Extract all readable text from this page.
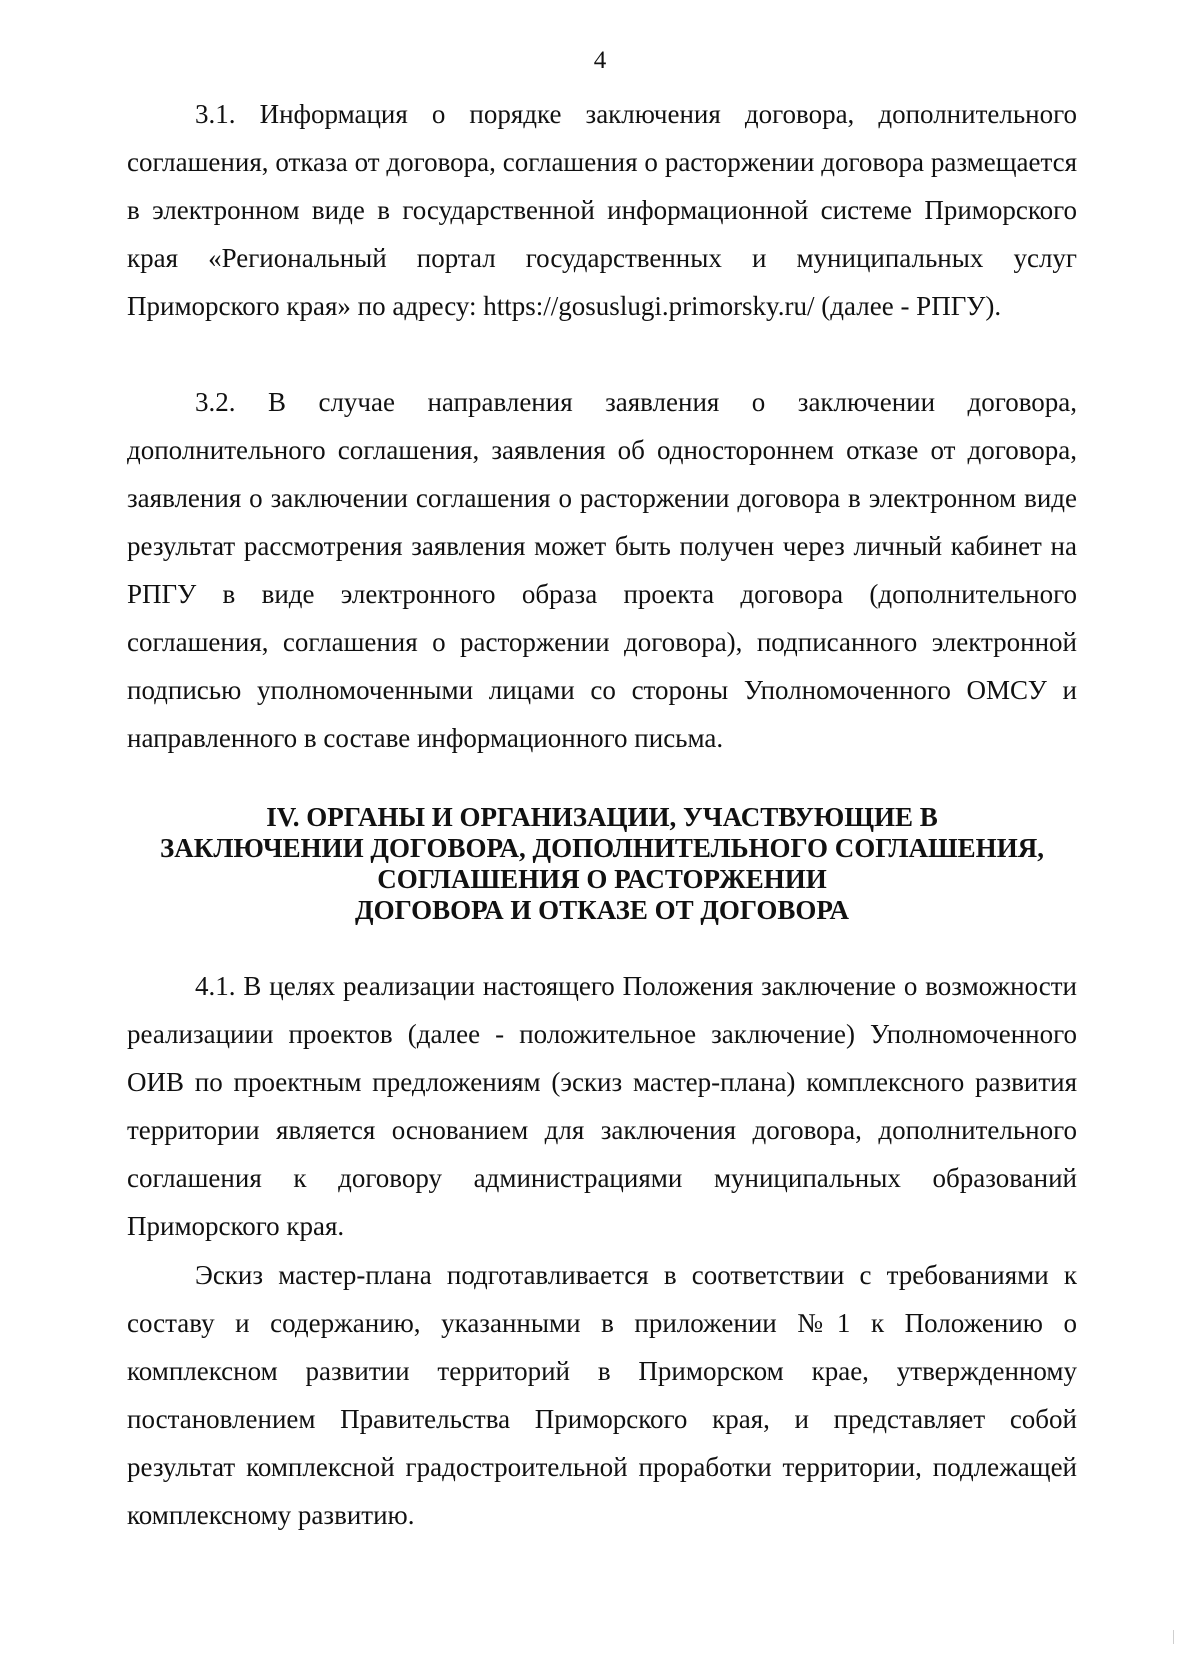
4

3.1. Информация о порядке заключения договора, дополнительного соглашения, отказа от договора, соглашения о расторжении договора размещается в электронном виде в государственной информационной системе Приморского края «Региональный портал государственных и муниципальных услуг Приморского края» по адресу: https://gosuslugi.primorsky.ru/ (далее - РПГУ).

3.2. В случае направления заявления о заключении договора, дополнительного соглашения, заявления об одностороннем отказе от договора, заявления о заключении соглашения о расторжении договора в электронном виде результат рассмотрения заявления может быть получен через личный кабинет на РПГУ в виде электронного образа проекта договора (дополнительного соглашения, соглашения о расторжении договора), подписанного электронной подписью уполномоченными лицами со стороны Уполномоченного ОМСУ и направленного в составе информационного письма.

IV. ОРГАНЫ И ОРГАНИЗАЦИИ, УЧАСТВУЮЩИЕ В
ЗАКЛЮЧЕНИИ ДОГОВОРА, ДОПОЛНИТЕЛЬНОГО СОГЛАШЕНИЯ,
СОГЛАШЕНИЯ О РАСТОРЖЕНИИ
ДОГОВОРА И ОТКАЗЕ ОТ ДОГОВОРА

4.1. В целях реализации настоящего Положения заключение о возможности реализациии проектов (далее - положительное заключение) Уполномоченного ОИВ по проектным предложениям (эскиз мастер-плана) комплексного развития территории является основанием для заключения договора, дополнительного соглашения к договору администрациями муниципальных образований Приморского края.

Эскиз мастер-плана подготавливается в соответствии с требованиями к составу и содержанию, указанными в приложении №1 к Положению о комплексном развитии территорий в Приморском крае, утвержденному постановлением Правительства Приморского края, и представляет собой результат комплексной градостроительной проработки территории, подлежащей комплексному развитию.
